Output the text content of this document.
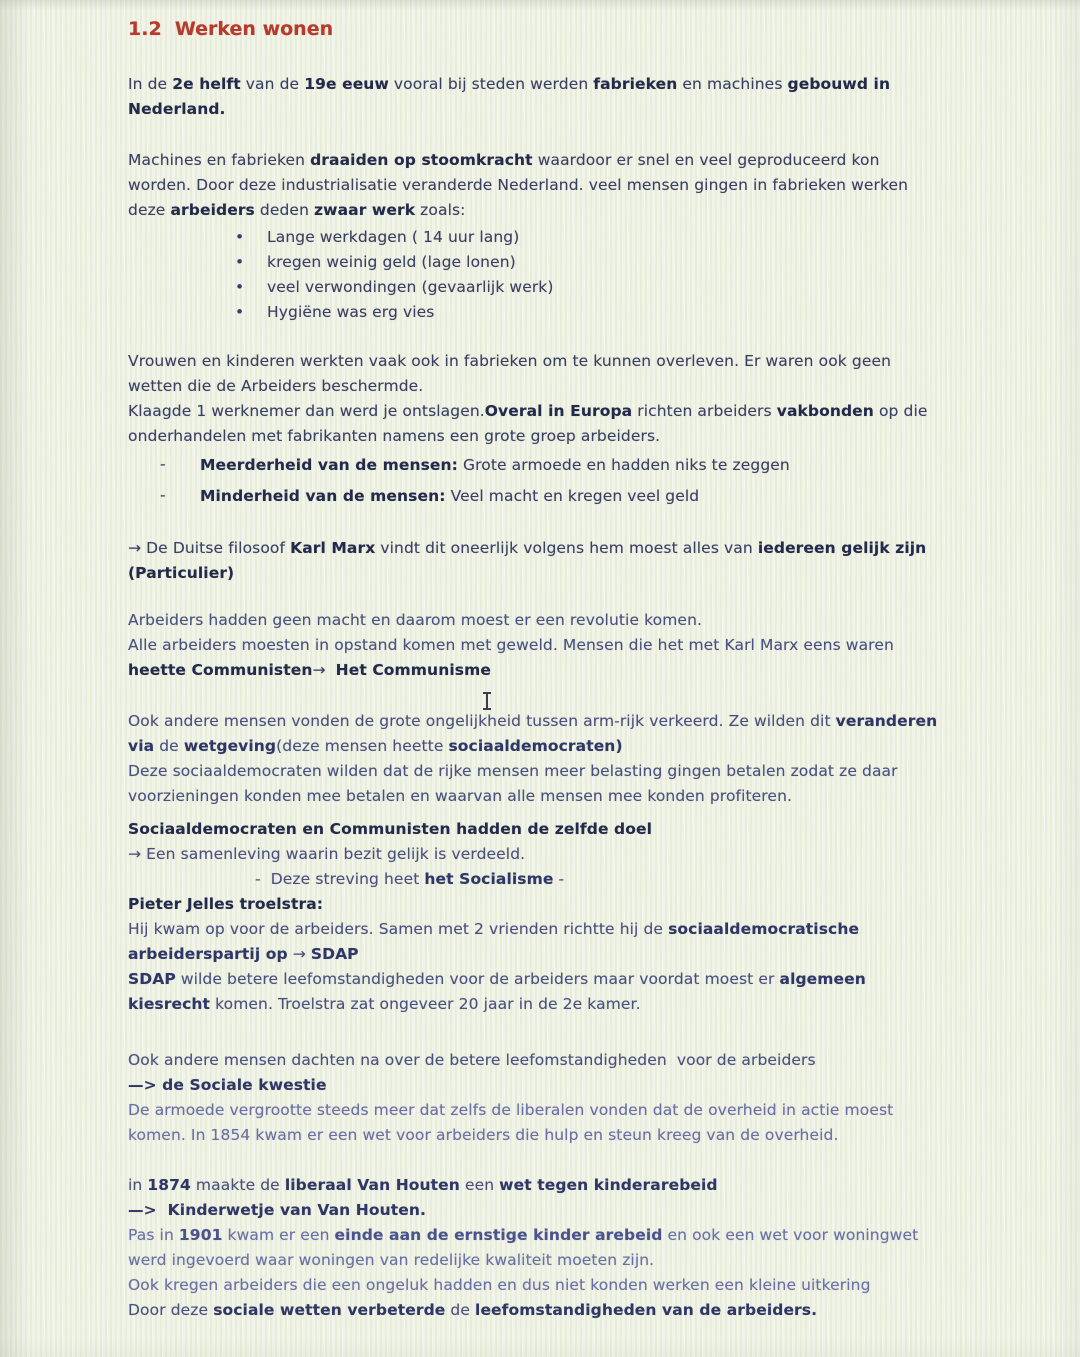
1.2  Werken wonen
In de 2e helft van de 19e eeuw vooral bij steden werden fabrieken en machines gebouwd in
Nederland.
Machines en fabrieken draaiden op stoomkracht waardoor er snel en veel geproduceerd kon
worden. Door deze industrialisatie veranderde Nederland. veel mensen gingen in fabrieken werken
deze arbeiders deden zwaar werk zoals:
• Lange werkdagen ( 14 uur lang)
• kregen weinig geld (lage lonen)
• veel verwondingen (gevaarlijk werk)
• Hygiëne was erg vies
Vrouwen en kinderen werkten vaak ook in fabrieken om te kunnen overleven. Er waren ook geen
wetten die de Arbeiders beschermde.
Klaagde 1 werknemer dan werd je ontslagen.Overal in Europa richten arbeiders vakbonden op die
onderhandelen met fabrikanten namens een grote groep arbeiders.
- Meerderheid van de mensen: Grote armoede en hadden niks te zeggen
- Minderheid van de mensen: Veel macht en kregen veel geld
→ De Duitse filosoof Karl Marx vindt dit oneerlijk volgens hem moest alles van iedereen gelijk zijn
(Particulier)
Arbeiders hadden geen macht en daarom moest er een revolutie komen.
Alle arbeiders moesten in opstand komen met geweld. Mensen die het met Karl Marx eens waren
heette Communisten→  Het Communisme
Ook andere mensen vonden de grote ongelijkheid tussen arm-rijk verkeerd. Ze wilden dit veranderen
via de wetgeving(deze mensen heette sociaaldemocraten)
Deze sociaaldemocraten wilden dat de rijke mensen meer belasting gingen betalen zodat ze daar
voorzieningen konden mee betalen en waarvan alle mensen mee konden profiteren.
Sociaaldemocraten en Communisten hadden de zelfde doel
→ Een samenleving waarin bezit gelijk is verdeeld.
-  Deze streving heet het Socialisme -
Pieter Jelles troelstra:
Hij kwam op voor de arbeiders. Samen met 2 vrienden richtte hij de sociaaldemocratische
arbeiderspartij op → SDAP
SDAP wilde betere leefomstandigheden voor de arbeiders maar voordat moest er algemeen
kiesrecht komen. Troelstra zat ongeveer 20 jaar in de 2e kamer.
Ook andere mensen dachten na over de betere leefomstandigheden  voor de arbeiders
—> de Sociale kwestie
De armoede vergrootte steeds meer dat zelfs de liberalen vonden dat de overheid in actie moest
komen. In 1854 kwam er een wet voor arbeiders die hulp en steun kreeg van de overheid.
in 1874 maakte de liberaal Van Houten een wet tegen kinderarebeid
—>  Kinderwetje van Van Houten.
Pas in 1901 kwam er een einde aan de ernstige kinder arebeid en ook een wet voor woningwet
werd ingevoerd waar woningen van redelijke kwaliteit moeten zijn.
Ook kregen arbeiders die een ongeluk hadden en dus niet konden werken een kleine uitkering
Door deze sociale wetten verbeterde de leefomstandigheden van de arbeiders.
